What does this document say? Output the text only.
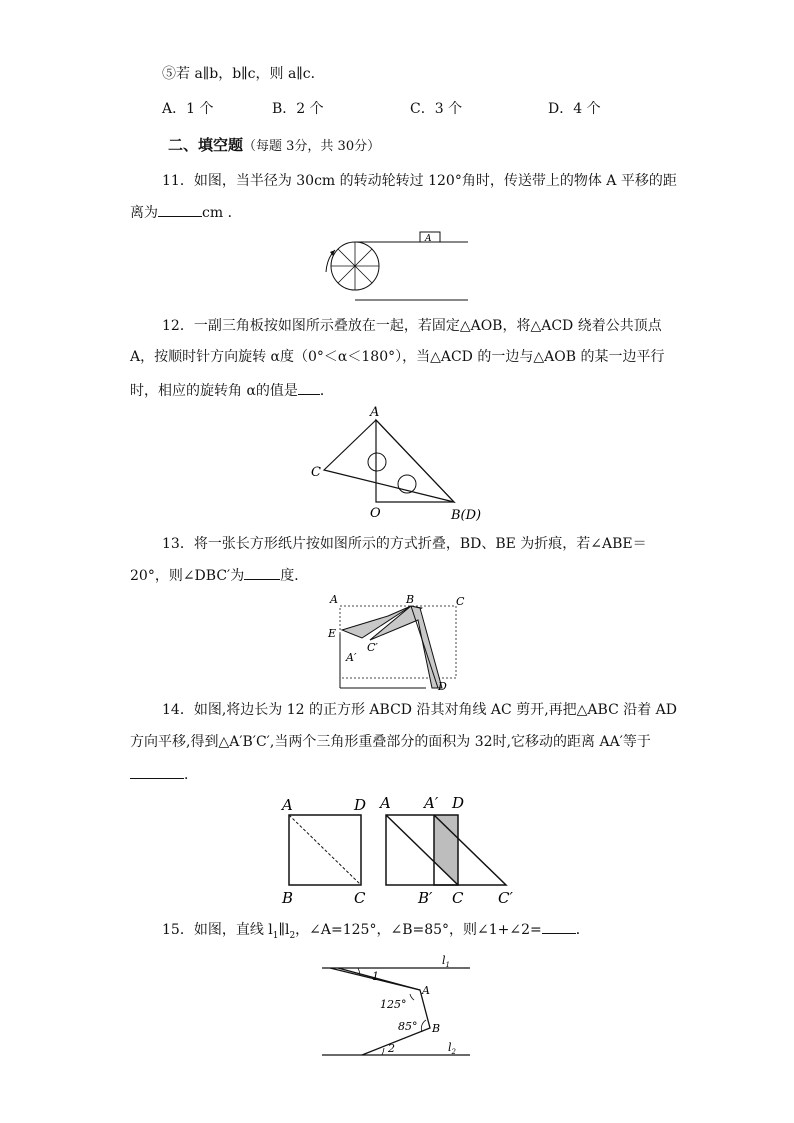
⑤若 a∥b，b∥c，则 a∥c．
A．1 个	B．2 个	C．3 个	D．4 个
二、填空题（每题 3分，共 30分）
11．如图，当半径为 30cm 的转动轮转过 120°角时，传送带上的物体 A 平移的距
离为	cm ．
A
12．一副三角板按如图所示叠放在一起，若固定△AOB，将△ACD 绕着公共顶点
A，按顺时针方向旋转 α度（0°＜α＜180°），当△ACD 的一边与△AOB 的某一边平行
时，相应的旋转角 α的值是 ．
A
C
O	B(D)
13．将一张长方形纸片按如图所示的方式折叠，BD、BE 为折痕，若∠ABE＝
20°，则∠DBC′为	度．
A	B	C
E
A′
C′
D
14．如图,将边长为 12 的正方形 ABCD 沿其对角线 AC 剪开,再把△ABC 沿着 AD
方向平移,得到△A′B′C′,当两个三角形重叠部分的面积为 32时,它移动的距离 AA′等于
．
A	D
B	C
A A′ D
B′ C C′
15．如图，直线 $l_1\parallel l_2$，∠A=125°，∠B=85°，则∠1+∠2= ．
$l_1$
$l_2$
1
2
125°
85°
A
B
